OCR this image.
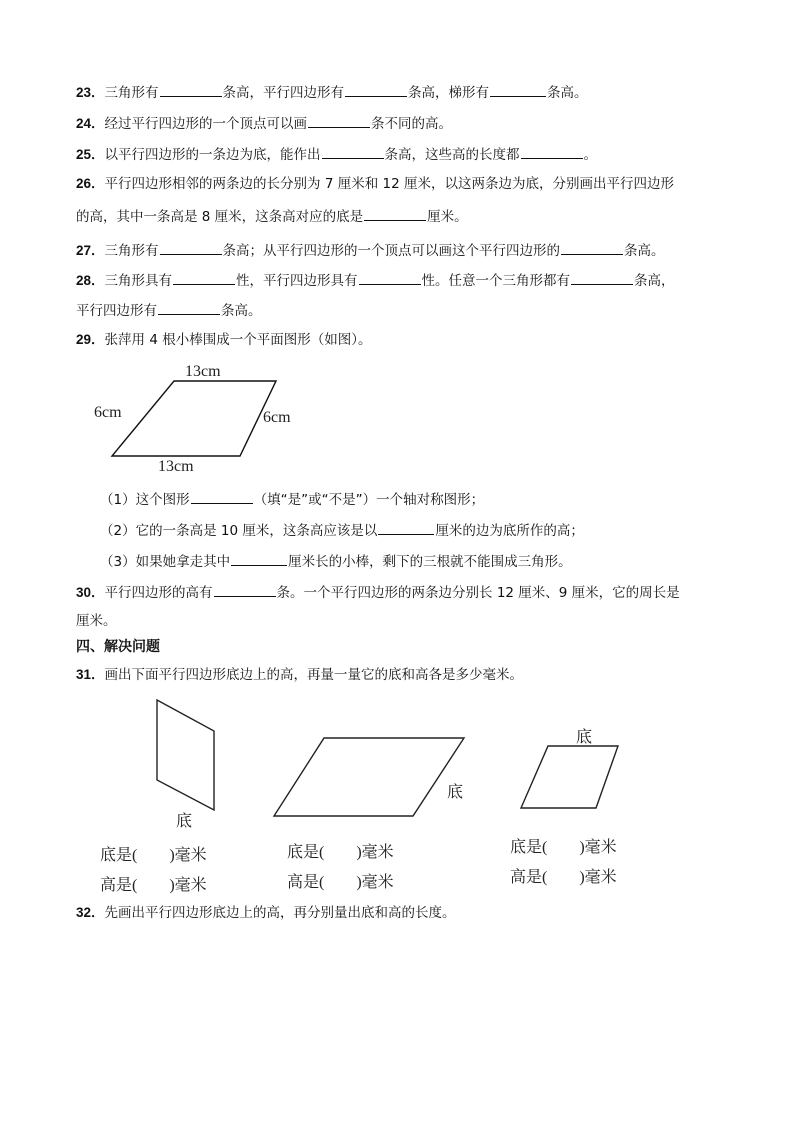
23．三角形有	条高，平行四边形有	条高，梯形有	条高。
24．经过平行四边形的一个顶点可以画	条不同的高。
25．以平行四边形的一条边为底，能作出	条高，这些高的长度都	。
26．平行四边形相邻的两条边的长分别为 7 厘米和 12 厘米，以这两条边为底，分别画出平行四边形
的高，其中一条高是 8 厘米，这条高对应的底是	厘米。
27．三角形有	条高；从平行四边形的一个顶点可以画这个平行四边形的	条高。
28．三角形具有	性，平行四边形具有	性。任意一个三角形都有	条高，
平行四边形有	条高。
29．张萍用 4 根小棒围成一个平面图形（如图）。
13cm
13cm
6cm	6cm
（1）这个图形	（填“是”或“不是”）一个轴对称图形；
（2）它的一条高是 10 厘米，这条高应该是以	厘米的边为底所作的高；
（3）如果她拿走其中	厘米长的小棒，剩下的三根就不能围成三角形。
30．平行四边形的高有	条。一个平行四边形的两条边分别长 12 厘米、9 厘米，它的周长是
厘米。
四、解决问题
31．画出下面平行四边形底边上的高，再量一量它的底和高各是多少毫米。
底
底
底
底是(　　)毫米
高是(　　)毫米
底是(　　)毫米
高是(　　)毫米
底是(　　)毫米
高是(　　)毫米
32．先画出平行四边形底边上的高，再分别量出底和高的长度。
